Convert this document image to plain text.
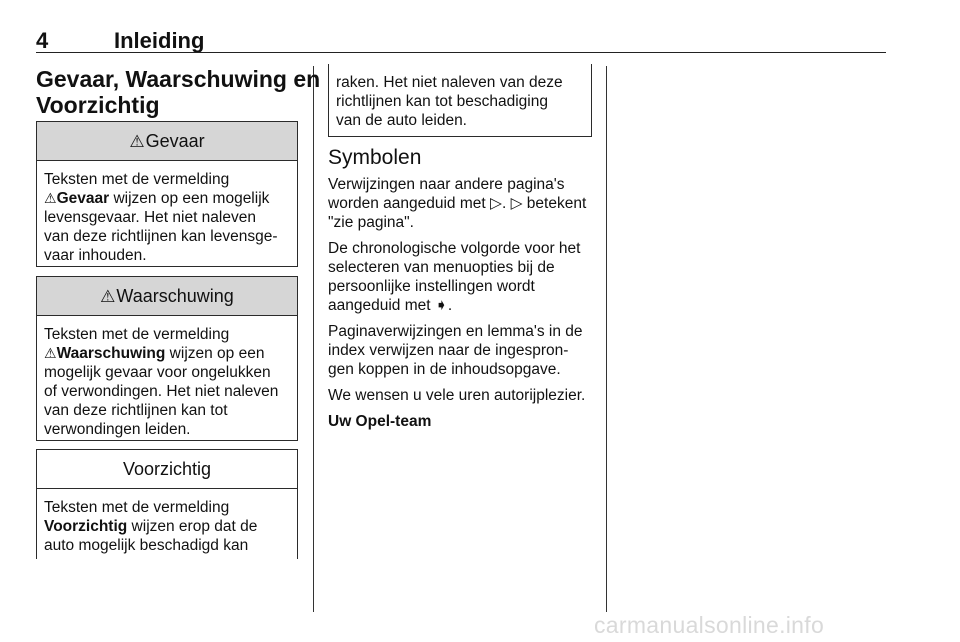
4	Inleiding
Gevaar, Waarschuwing en
Voorzichtig
⚠ Gevaar
Teksten met de vermelding
⚠Gevaar wijzen op een mogelijk
levensgevaar. Het niet naleven
van deze richtlijnen kan levensge-
vaar inhouden.
⚠ Waarschuwing
Teksten met de vermelding
⚠Waarschuwing wijzen op een
mogelijk gevaar voor ongelukken
of verwondingen. Het niet naleven
van deze richtlijnen kan tot
verwondingen leiden.
Voorzichtig
Teksten met de vermelding
Voorzichtig wijzen erop dat de
auto mogelijk beschadigd kan
raken. Het niet naleven van deze
richtlijnen kan tot beschadiging
van de auto leiden.
Symbolen

Verwijzingen naar andere pagina's
worden aangeduid met ▷. ▷ betekent
"zie pagina".

De chronologische volgorde voor het
selecteren van menuopties bij de
persoonlijke instellingen wordt
aangeduid met ➧.

Paginaverwijzingen en lemma's in de
index verwijzen naar de ingespron-
gen koppen in de inhoudsopgave.

We wensen u vele uren autorijplezier.

Uw Opel-team

carmanualsonline.info
